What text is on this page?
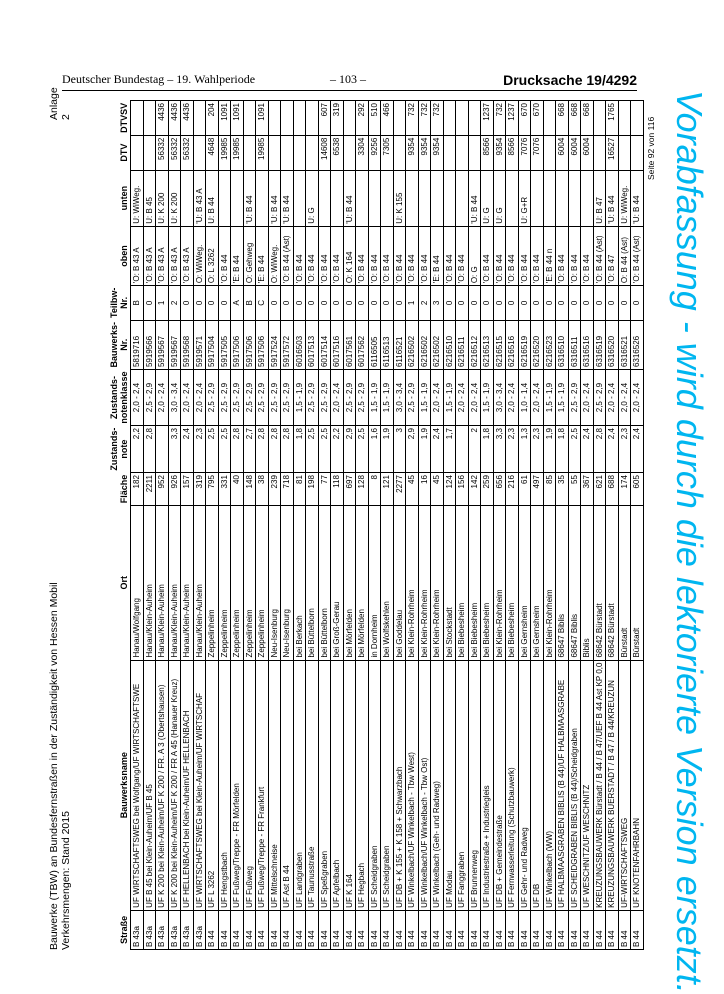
Deutscher Bundestag – 19. Wahlperiode	– 103 –	Drucksache 19/4292
Bauwerke (TBW) an Bundesfernstraßen in der Zuständigkeit von Hessen Mobil Verkehrsmengen: Stand 2015
Anlage 2
Straße	Bauwerksname	Ort	Fläche	Zustands-note	Zustands-notenklasse	Bauwerks-Nr.	Teilbw-Nr.	oben	unten	DTV	DTVSV
B 43a	UF WIRTSCHAFTSWEG bei Wolfgang/UF WIRTSCHAFTSWE	Hanau/Wolfgang	182	2,2	2,0 - 2,4	5819716	B	'O: B 43 A	U: WiWeg.		
B 43a	UF B 45 bei Klein-Auheim/UF B 45	Hanau/Klein-Auheim	2211	2,8	2,5 - 2,9	5919566	0	'O: B 43 A	U: B 45		
B 43a	UF K 200 bei Klein-Auheim/UF K 200 / FR. A 3 (Obertshausen)	Hanau/Klein-Auheim	952		2,0 - 2,4	5919567	1	'O: B 43 A	U: K 200	56332	4436
B 43a	UF K 200 bei Klein-Auheim/UF K 200 / FR A 45 (Hanauer Kreuz)	Hanau/Klein-Auheim	926	3,3	3,0 - 3,4	5919567	2	'O: B 43 A	U: K 200	56332	4436
B 43a	UF HELLENBACH bei Klein-Auheim/UF HELLENBACH	Hanau/Klein-Auheim	157	2,4	2,0 - 2,4	5919568	0	'O: B 43 A		56332	4436
B 43a	UF WIRTSCHAFTSWEG bei Klein-Auheim/UF WIRTSCHAF	Hanau/Klein-Auheim	319	2,3	2,0 - 2,4	5919571	0	O: WiWeg.	'U: B 43 A		
B 44	UF L 3262	Zeppelinheim	795	2,5	2,5 - 2,9	5917504	0	O: L 3262	U: B 44	4648	204
B 44	UF Hengstbach	Zeppelinheim	331	2,5	2,5 - 2,9	5917505	0	'O: B 44		19985	1091
B 44	UF Fußweg/Treppe - FR Mörfelden	Zeppelinheim	40	2,8	2,5 - 2,9	5917506	A	'E: B 44		19985	1091
B 44	UF Fußweg	Zeppelinheim	148	2,7	2,5 - 2,9	5917506	B	O: Gehweg	'U: B 44		
B 44	UF Fußweg/Treppe - FR Frankfurt	Zeppelinheim	38	2,8	2,5 - 2,9	5917506	C	'E: B 44		19985	1091
B 44	UF Mittelschneise	Neu-Isenburg	239	2,8	2,5 - 2,9	5917524	0	O: WiWeg.	'U: B 44		
B 44	UF Ast B 44	Neu-Isenburg	718	2,8	2,5 - 2,9	5917572	0	'O: B 44 (Ast)	'U: B 44		
B 44	UF Landgraben	bei Berkach	81	1,8	1,5 - 1,9	6016503	0	'O: B 44			
B 44	UF Taunusstraße	bei Büttelborn	198	2,5	2,5 - 2,9	6017513	0	'O: B 44	U: G		
B 44	UF Speßgraben	bei Büttelborn	77	2,5	2,5 - 2,9	6017514	0	'O: B 44		14608	607
B 44	UF Apfelbach	bei Groß-Gerau	118	2,2	2,0 - 2,4	6017516	0	'O: B 44		6538	319
B 44	UF K 164	bei Mörfelden	697	2,9	2,5 - 2,9	6017561	0	O: K 164	'U: B 44		
B 44	UF Hegbach	bei Mörfelden	128	2,5	2,5 - 2,9	6017562	0	'O: B 44		3304	292
B 44	UF Scheidgraben	in Dornheim	8	1,6	1,5 - 1,9	6116505	0	'O: B 44		9256	510
B 44	UF Scheidgraben	bei Wolfskehlen	121	1,9	1,5 - 1,9	6116513	0	'O: B 44		7305	466
B 44	UF DB + K 155 + K 158 + Schwarzbach	bei Goddelau	2277	3	3,0 - 3,4	6116521	0	'O: B 44	U: K 155		
B 44	UF Winkelbach/UF Winkelbach - Tbw West)	bei Klein-Rohrheim	45	2,9	2,5 - 2,9	6216502	1	'O: B 44		9354	732
B 44	UF Winkelbach/UF Winkelbach - Tbw Ost)	bei Klein-Rohrheim	16	1,9	1,5 - 1,9	6216502	2	'O: B 44		9354	732
B 44	UF Winkelbach (Geh- und Radweg)	bei Klein-Rohrheim	45	2,4	2,0 - 2,4	6216502	3	'E: B 44		9354	732
B 44	UF Modau	bei Stockstadt	124	1,7	1,5 - 1,9	6216510	0	'O: B 44			
B 44	UF Fanggraben	bei Biebesheim	156		2,0 - 2,4	6216511	0	'O: B 44			
B 44	UF Brunnenweg	bei Biebesheim	142	2	2,0 - 2,4	6216512	0	O: G	'U: B 44		
B 44	UF Industriestraße + Industriegleis	bei Biebesheim	259	1,8	1,5 - 1,9	6216513	0	'O: B 44	U: G	8566	1237
B 44	UF DB + Gemeindestraße	bei Klein-Rohrheim	656	3,3	3,0 - 3,4	6216515	0	'O: B 44	U: G	9354	732
B 44	UF Fernwasserleitung (Schutzbauwerk)	bei Biebesheim	216	2,3	2,0 - 2,4	6216516	0	'O: B 44		8566	1237
B 44	UF Gehr- und Radweg	bei Gernsheim	61	1,3	1,0 - 1,4	6216519	0	'O: B 44	U: G+R	7076	670
B 44	UF DB	bei Gernsheim	497	2,3	2,0 - 2,4	6216520	0	'O: B 44		7076	670
B 44	UF Winkelbach (WW)	bei Klein-Rohrheim	85	1,9	1,5 - 1,9	6216523	0	'E: B 44 n			
B 44	UF HALBMAASGRABEN BIBLIS (B 44)/UF HALBMAASGRABE	68647 Biblis	35	1,8	1,5 - 1,9	6316510	0	'O: B 44		6004	668
B 44	UF SCHEIDGRABEN BIBLIS (B 44)/Scheidgraben	68647 Biblis	55	2,5	2,5 - 2,9	6316511	0	'O: B 44		6004	668
B 44	UF WESCHNITZ/UF WESCHNITZ	Biblis	367	2,4	2,0 - 2,4	6316516	0	'O: B 44		6004	668
B 44	KREUZUNGSBAUWERK Bürstadt / B 44 / B 47/UEF B 44 Ast KP 0,0	68642 Bürstadt	621	2,8	2,5 - 2,9	6316519	0	'O: B 44 (Ast)	U: B 47		
B 44	KREUZUNGSBAUWERK BUERSTADT / B 47 / B 44/KREUZUN	68642 Bürstadt	688	2,4	2,0 - 2,4	6316520	0	'O: B 47	'U: B 44	16527	1765
B 44	UF-WIRTSCHAFTSWEG	Bürstadt	174	2,3	2,0 - 2,4	6316521	0	O: B 44 (Ast)	U: WiWeg.		
B 44	UF KNOTENFAHRBAHN	Bürstadt	605	2,4	2,0 - 2,4	6316526	0	'O: B 44 (Ast)	'U: B 44		
Seite 92 von 116 Vorabfassung - wird durch die lektorierte Version ersetzt.
